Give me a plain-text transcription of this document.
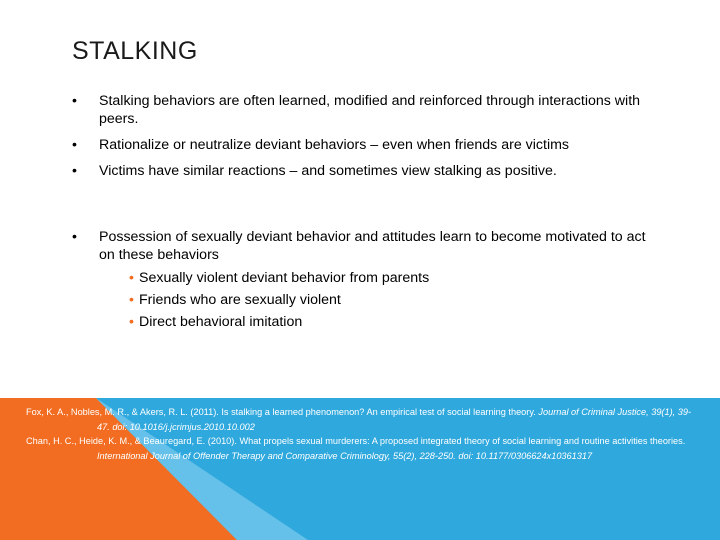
STALKING
• Stalking behaviors are often learned, modified and reinforced through interactions with peers.
• Rationalize or neutralize deviant behaviors – even when friends are victims
• Victims have similar reactions – and sometimes view stalking as positive.
• Possession of sexually deviant behavior and attitudes learn to become motivated to act on these behaviors
• Sexually violent deviant behavior from parents
• Friends who are sexually violent
• Direct behavioral imitation

Fox, K. A., Nobles, M. R., & Akers, R. L. (2011). Is stalking a learned phenomenon? An empirical test of social learning theory. Journal of Criminal Justice, 39(1), 39-47. doi: 10.1016/j.jcrimjus.2010.10.002

Chan, H. C., Heide, K. M., & Beauregard, E. (2010). What propels sexual murderers: A proposed integrated theory of social learning and routine activities theories. International Journal of Offender Therapy and Comparative Criminology, 55(2), 228-250. doi: 10.1177/0306624x10361317
